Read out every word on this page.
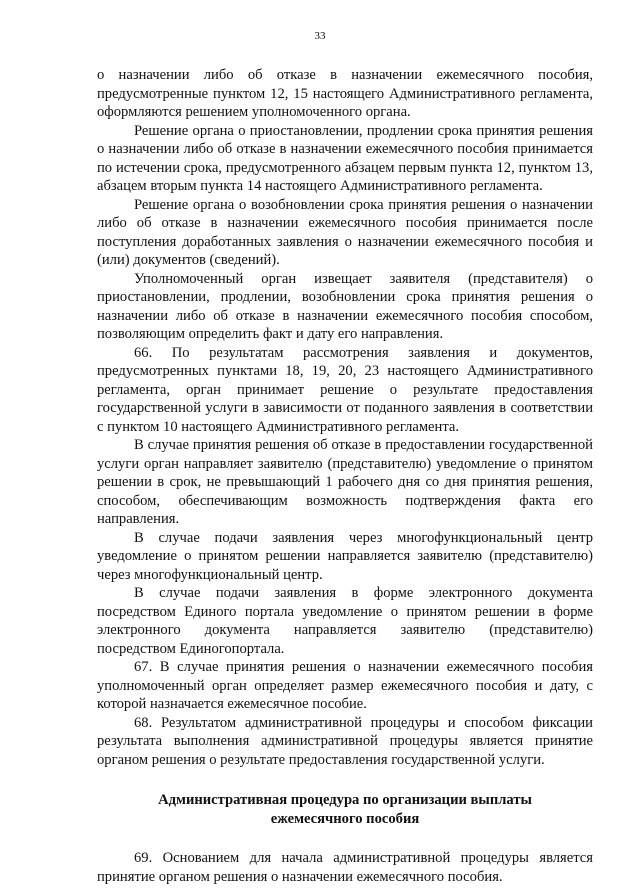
33

о назначении либо об отказе в назначении ежемесячного пособия, предусмотренные пунктом 12, 15 настоящего Административного регламента, оформляются решением уполномоченного органа.

Решение органа о приостановлении, продлении срока принятия решения о назначении либо об отказе в назначении ежемесячного пособия принимается по истечении срока, предусмотренного абзацем первым пункта 12, пунктом 13, абзацем вторым пункта 14 настоящего Административного регламента.

Решение органа о возобновлении срока принятия решения о назначении либо об отказе в назначении ежемесячного пособия принимается после поступления доработанных заявления о назначении ежемесячного пособия и (или) документов (сведений).

Уполномоченный орган извещает заявителя (представителя) о приостановлении, продлении, возобновлении срока принятия решения о назначении либо об отказе в назначении ежемесячного пособия способом, позволяющим определить факт и дату его направления.

66. По результатам рассмотрения заявления и документов, предусмотренных пунктами 18, 19, 20, 23 настоящего Административного регламента, орган принимает решение о результате предоставления государственной услуги в зависимости от поданного заявления в соответствии с пунктом 10 настоящего Административного регламента.

В случае принятия решения об отказе в предоставлении государственной услуги орган направляет заявителю (представителю) уведомление о принятом решении в срок, не превышающий 1 рабочего дня со дня принятия решения, способом, обеспечивающим возможность подтверждения факта его направления.

В случае подачи заявления через многофункциональный центр уведомление о принятом решении направляется заявителю (представителю) через многофункциональный центр.

В случае подачи заявления в форме электронного документа посредством Единого портала уведомление о принятом решении в форме электронного документа направляется заявителю (представителю) посредством Единогопортала.

67. В случае принятия решения о назначении ежемесячного пособия уполномоченный орган определяет размер ежемесячного пособия и дату, с которой назначается ежемесячное пособие.

68. Результатом административной процедуры и способом фиксации результата выполнения административной процедуры является принятие органом решения о результате предоставления государственной услуги.

Административная процедура по организации выплаты ежемесячного пособия

69. Основанием для начала административной процедуры является принятие органом решения о назначении ежемесячного пособия.
